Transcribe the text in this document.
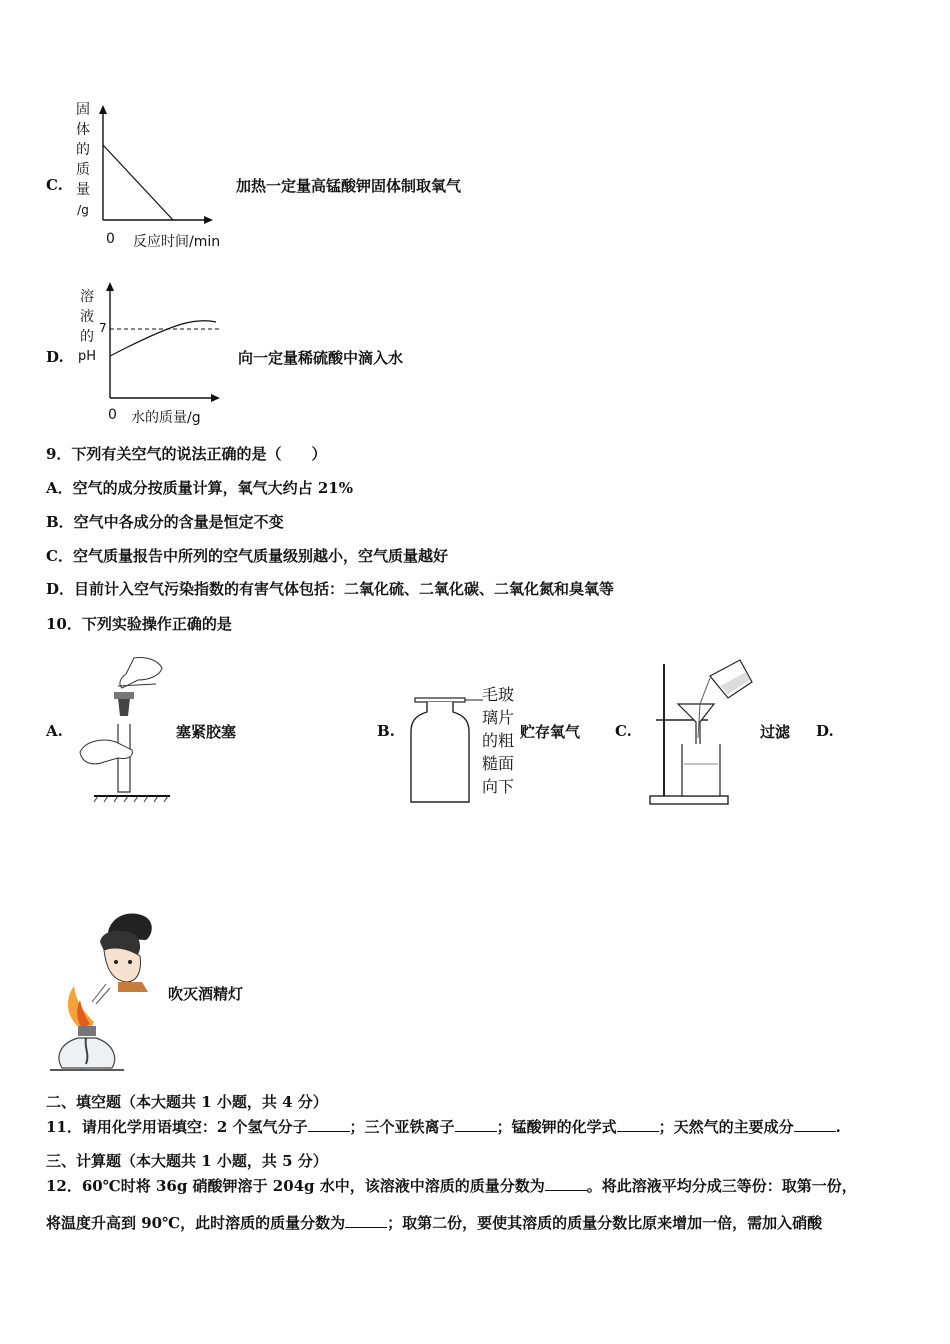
C.
固
体
的
质
量
/g
0 反应时间/min
加热一定量高锰酸钾固体制取氧气
D.
溶
液
的
pH
7
0 水的质量/g
向一定量稀硫酸中滴入水
9．下列有关空气的说法正确的是（　　）
A．空气的成分按质量计算，氧气大约占 21%
B．空气中各成分的含量是恒定不变
C．空气质量报告中所列的空气质量级别越小，空气质量越好
D．目前计入空气污染指数的有害气体包括：二氧化硫、二氧化碳、二氧化氮和臭氧等
10．下列实验操作正确的是
A.	塞紧胶塞	B.
毛玻
璃片
的粗
糙面
向下
贮存氧气 C.	过滤 D.
吹灭酒精灯
二、填空题（本大题共 1 小题，共 4 分）
11．请用化学用语填空：2 个氢气分子	；三个亚铁离子	；锰酸钾的化学式	；天然气的主要成分	.
三、计算题（本大题共 1 小题，共 5 分）
12．60℃时将 36g 硝酸钾溶于 204g 水中，该溶液中溶质的质量分数为	。将此溶液平均分成三等份：取第一份，
将温度升高到 90℃，此时溶质的质量分数为	；取第二份，要使其溶质的质量分数比原来增加一倍，需加入硝酸
